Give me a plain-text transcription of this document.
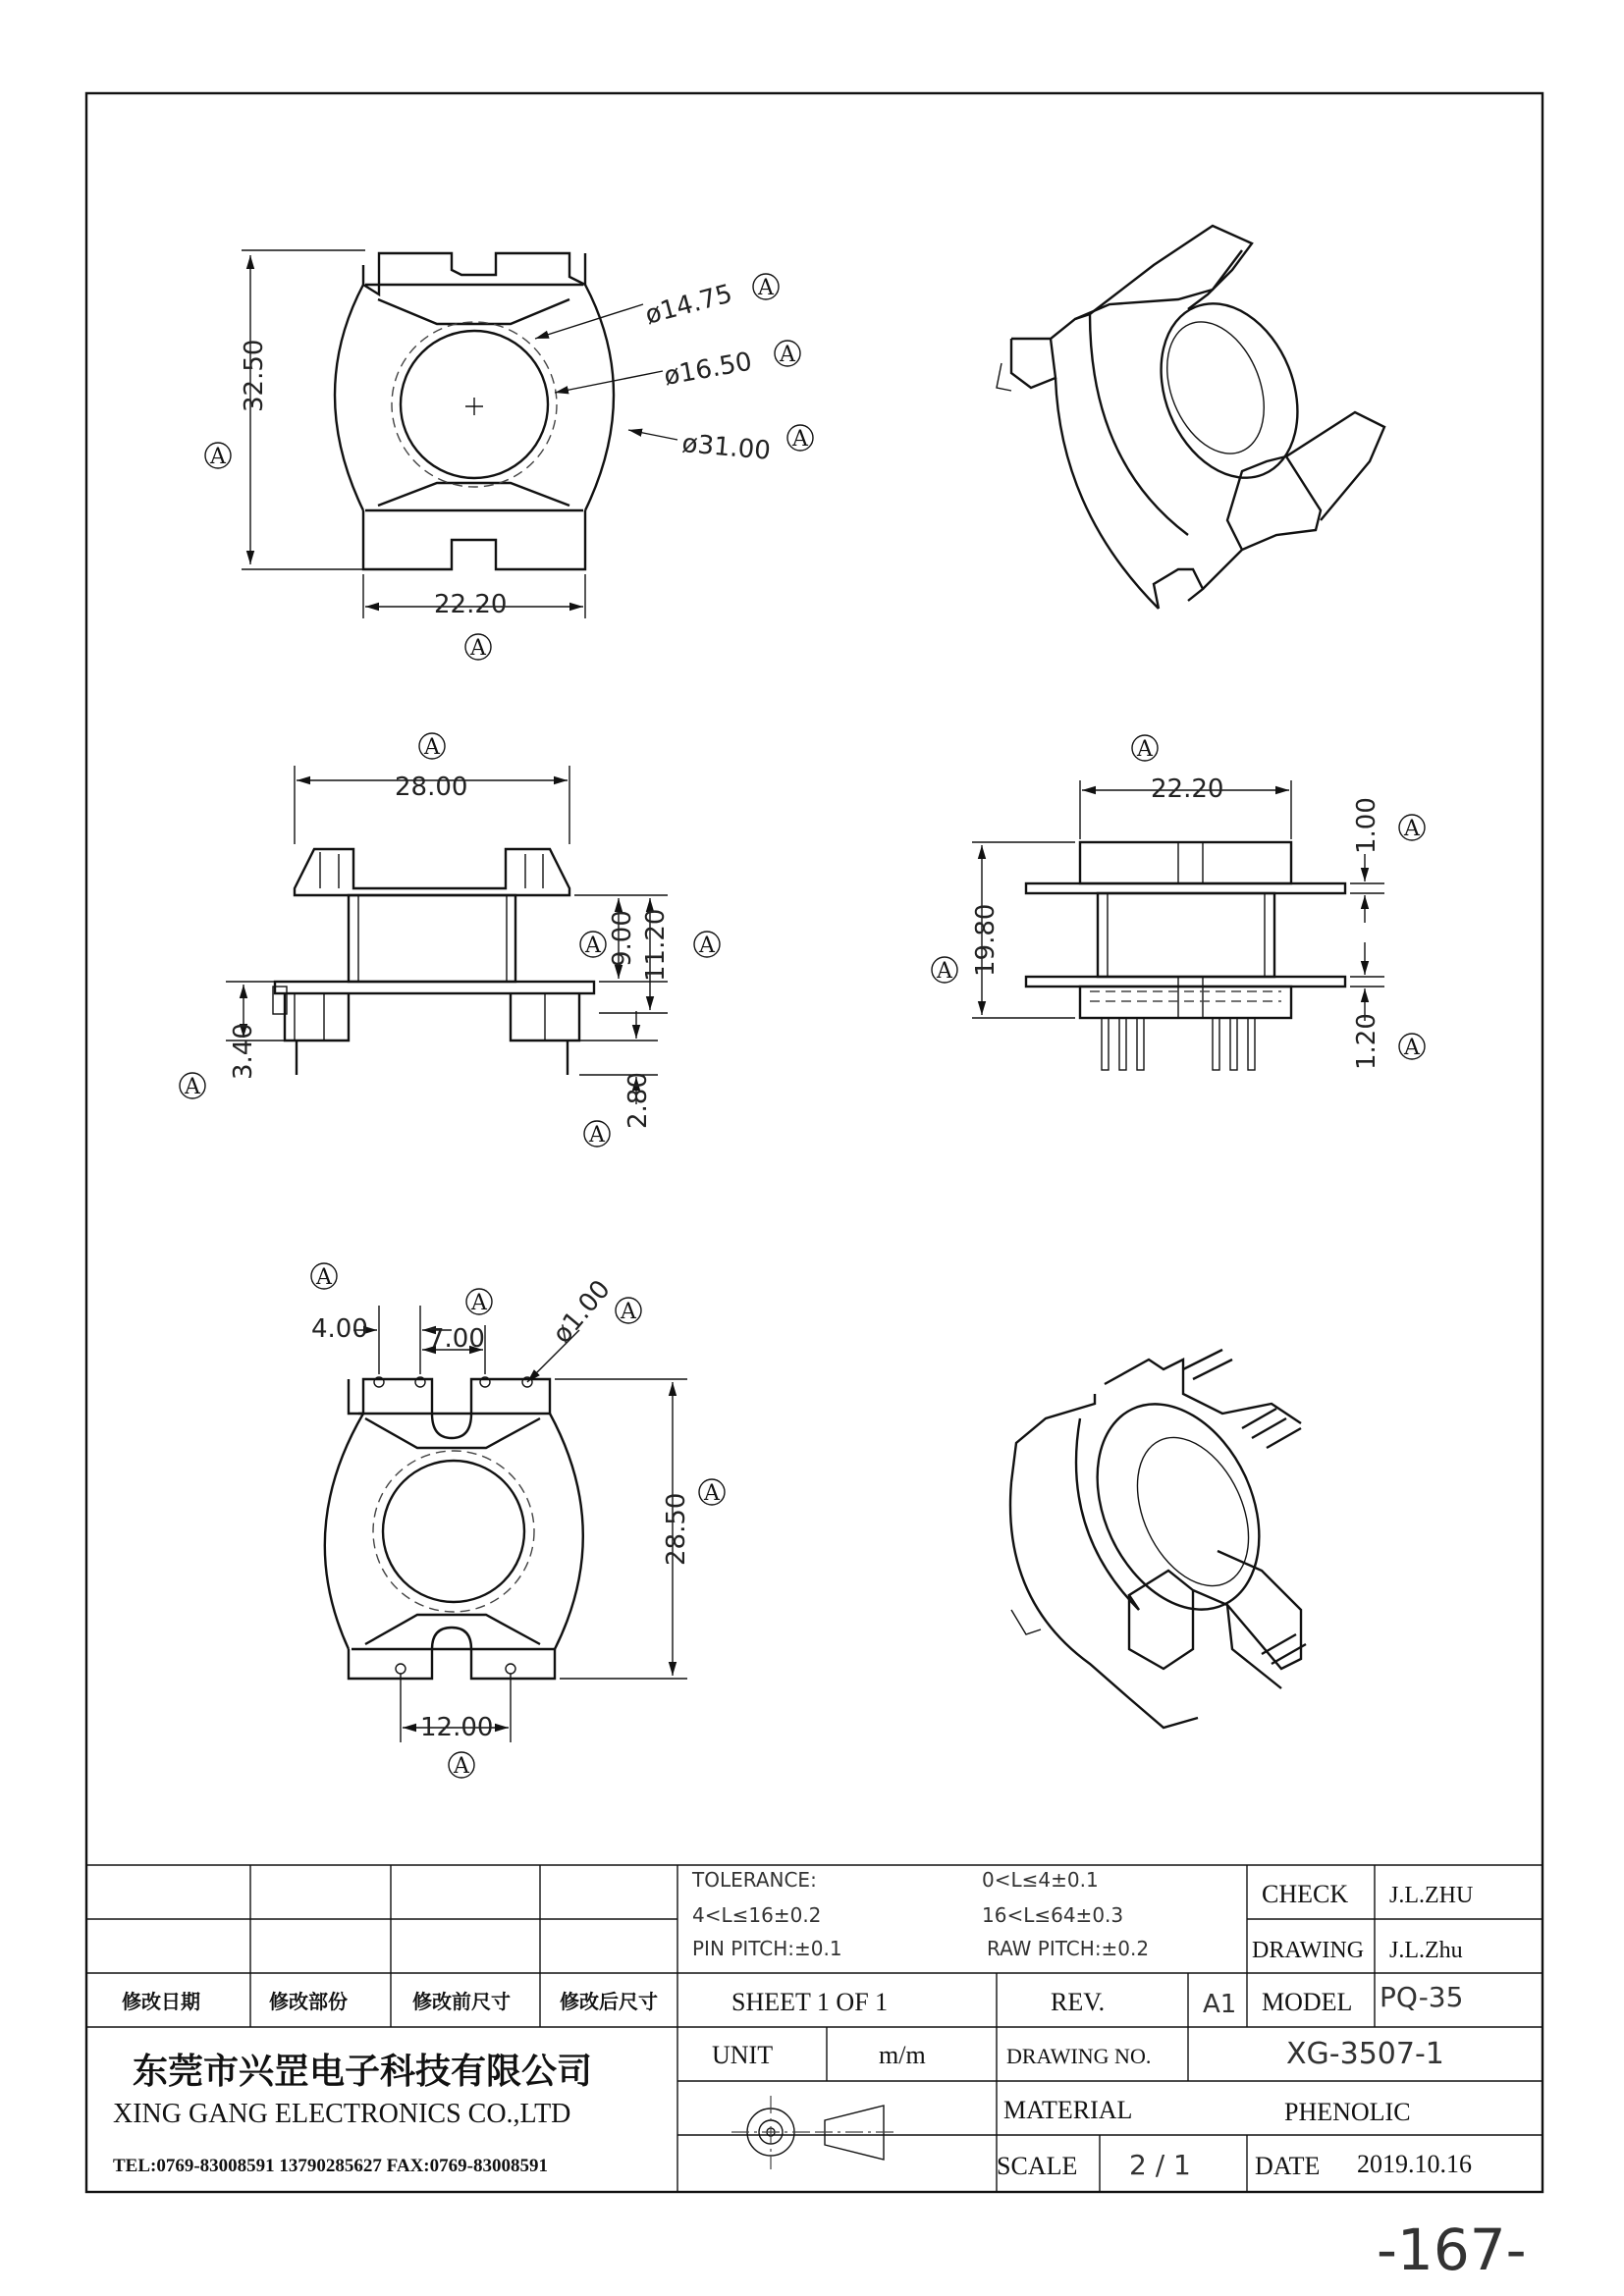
32.50
A
22.20
A
ø14.75 A
ø16.50 A
ø31.00 A
28.00
A
9.00 11.20
A	A
3.40
A	2.80
A
22.20
A
1.00 A
19.80
A
1.20 A
4.00 7.00
A
A ø1.00 A
28.50 A
12.00
A
修改日期	修改部份	修改前尺寸	修改后尺寸
TOLERANCE:	0<L≤4±0.1
4<L≤16±0.2	16<L≤64±0.3
PIN PITCH:±0.1	RAW PITCH:±0.2
CHECK J.L.ZHU
DRAWING J.L.Zhu
SHEET 1 OF 1	REV.	A1 MODEL PQ-35
UNIT	m/m	DRAWING NO.	XG-3507-1
MATERIAL	PHENOLIC
SCALE 2 / 1	DATE 2019.10.16
东莞市兴罡电子科技有限公司
XING GANG ELECTRONICS CO.,LTD
TEL:0769-83008591 13790285627 FAX:0769-83008591
-167-
